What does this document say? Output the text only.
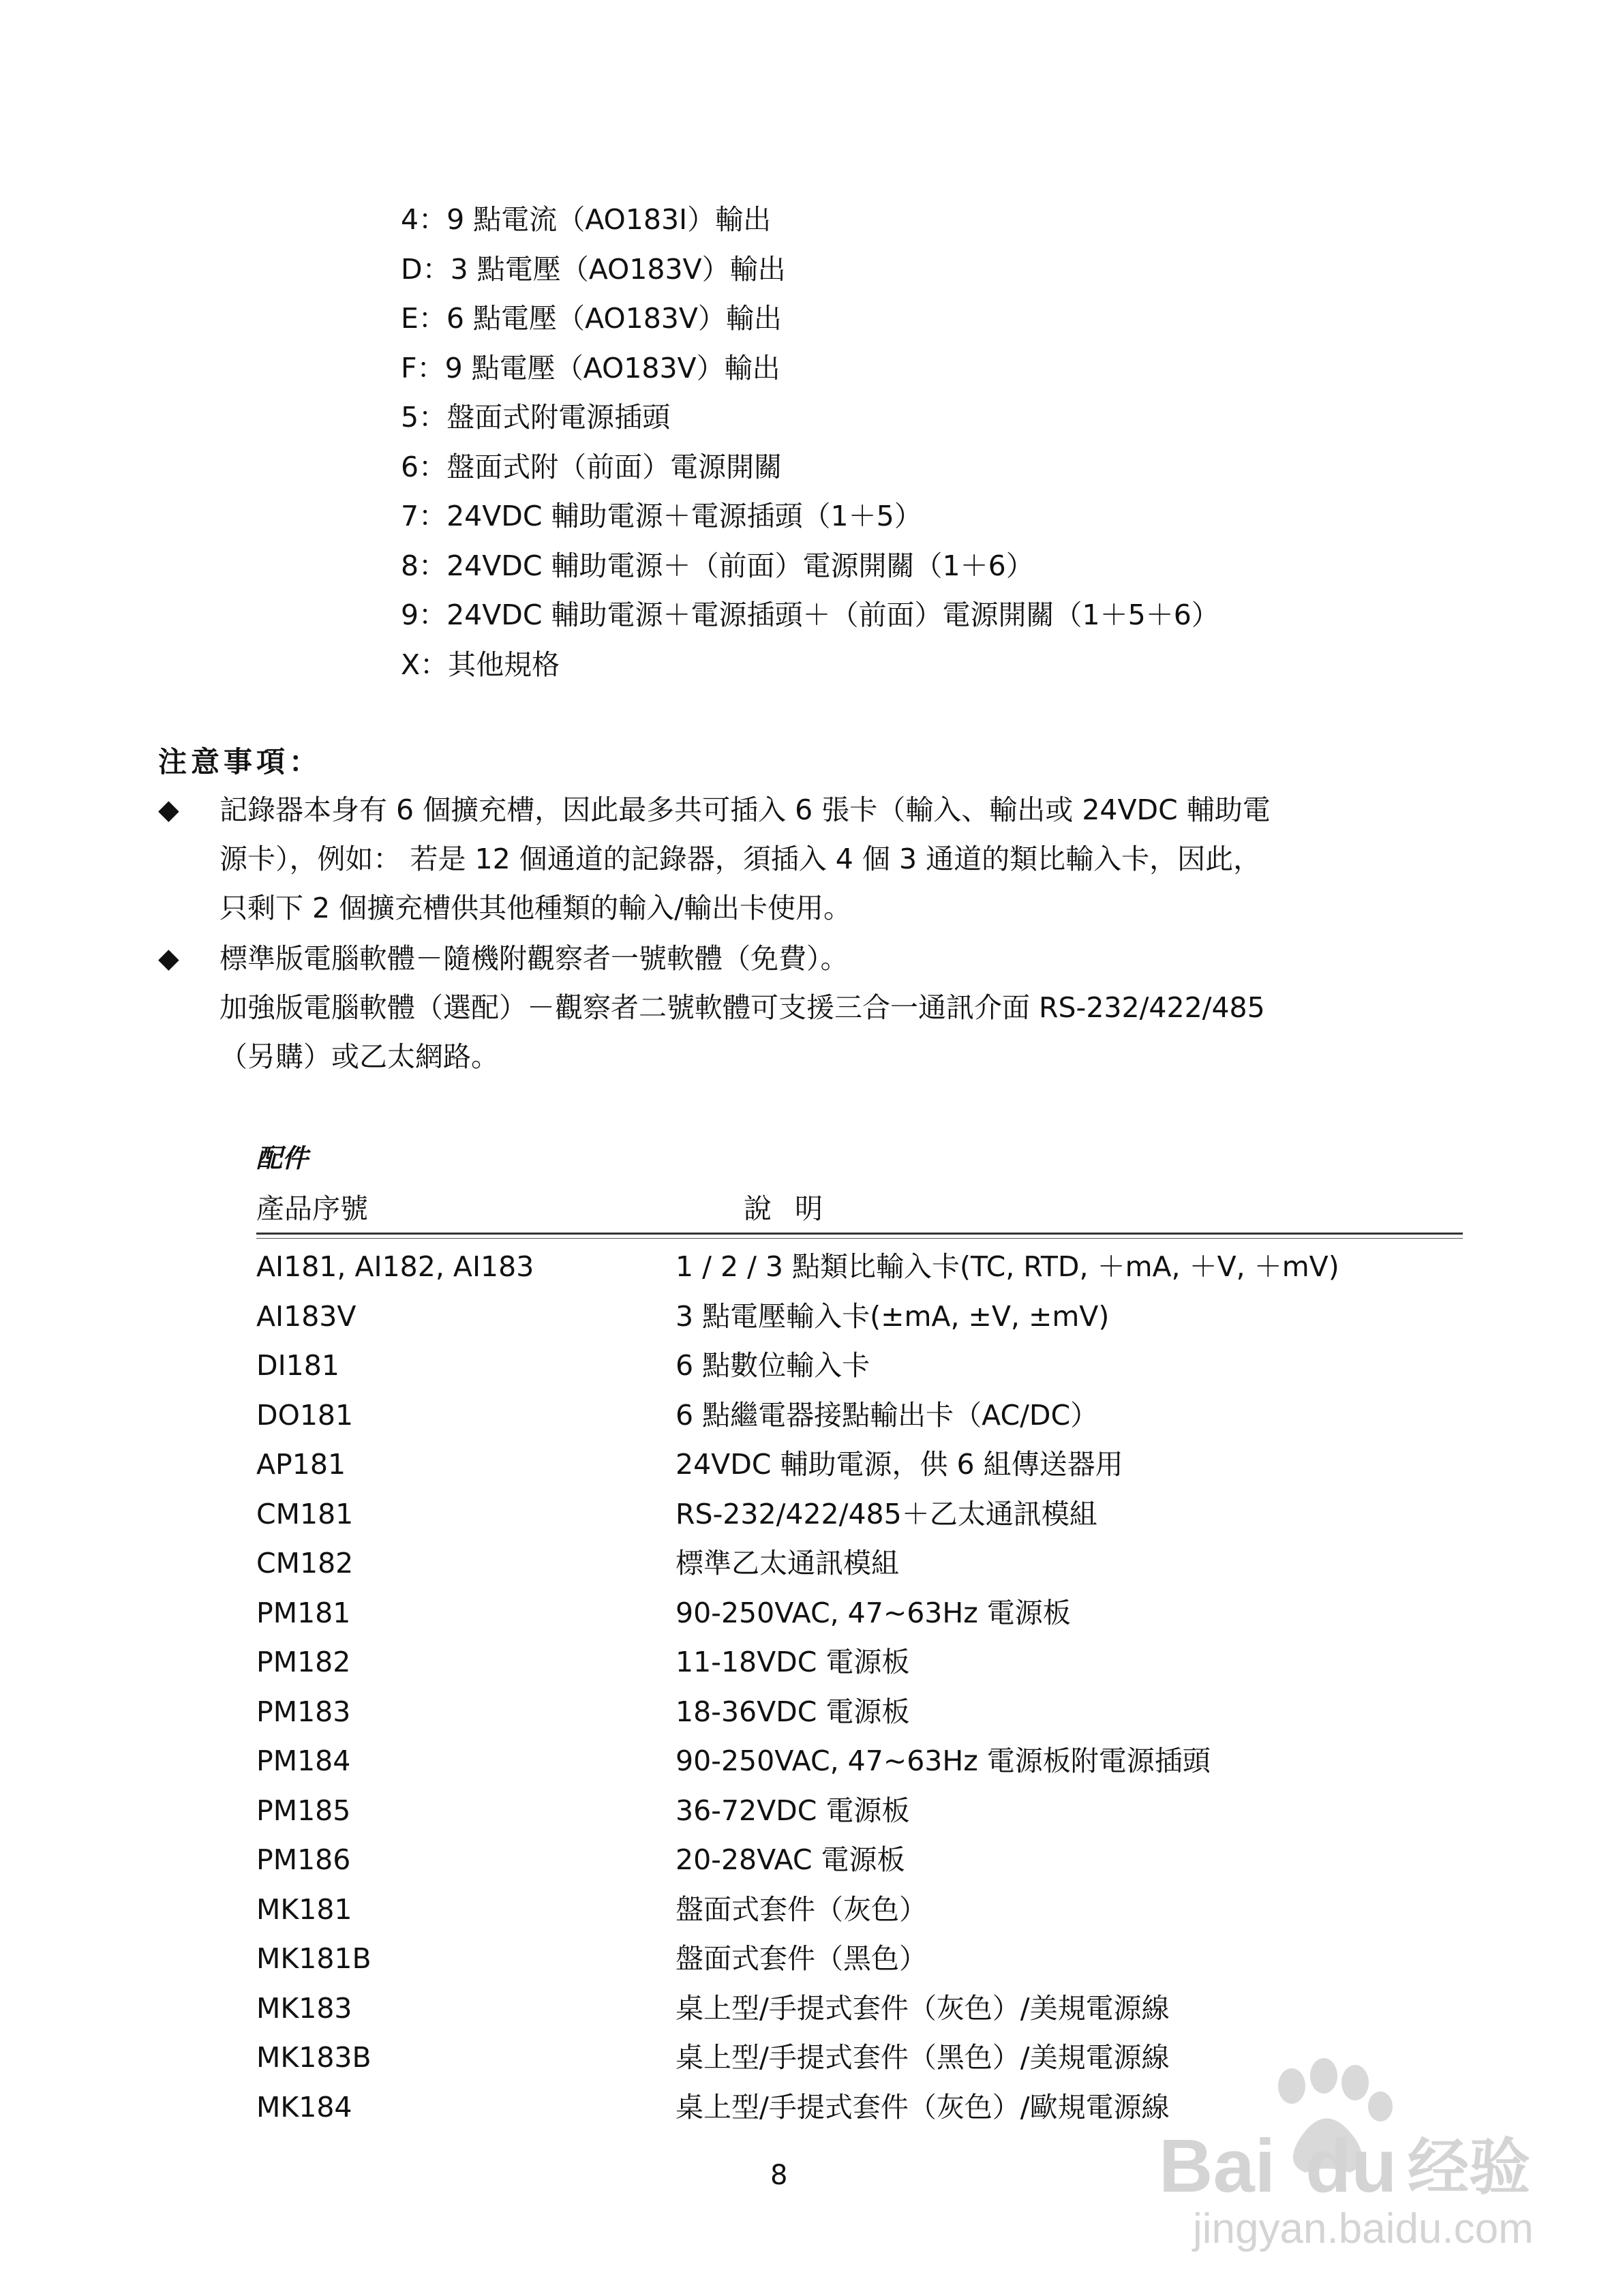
4：9 點電流（AO183I）輸出
D：3 點電壓（AO183V）輸出
E：6 點電壓（AO183V）輸出
F：9 點電壓（AO183V）輸出
5：盤面式附電源插頭
6：盤面式附（前面）電源開關
7：24VDC 輔助電源＋電源插頭（1＋5）
8：24VDC 輔助電源＋（前面）電源開關（1＋6）
9：24VDC 輔助電源＋電源插頭＋（前面）電源開關（1＋5＋6）
X：其他規格
注意事項：
◆	記錄器本身有 6 個擴充槽，因此最多共可插入 6 張卡（輸入、輸出或 24VDC 輔助電
源卡），例如： 若是 12 個通道的記錄器，須插入 4 個 3 通道的類比輸入卡，因此，
只剩下 2 個擴充槽供其他種類的輸入/輸出卡使用。
◆	標準版電腦軟體－隨機附觀察者一號軟體（免費）。
加強版電腦軟體（選配）－觀察者二號軟體可支援三合一通訊介面 RS-232/422/485
（另購）或乙太網路。
配件
產品序號	說明
AI181, AI182, AI183	1 / 2 / 3 點類比輸入卡(TC, RTD, ＋mA, ＋V, ＋mV)
AI183V	3 點電壓輸入卡(±mA, ±V, ±mV)
DI181	6 點數位輸入卡
DO181	6 點繼電器接點輸出卡（AC/DC）
AP181	24VDC 輔助電源，供 6 組傳送器用
CM181	RS-232/422/485＋乙太通訊模組
CM182	標準乙太通訊模組
PM181	90-250VAC, 47~63Hz 電源板
PM182	11-18VDC 電源板
PM183	18-36VDC 電源板
PM184	90-250VAC, 47~63Hz 電源板附電源插頭
PM185	36-72VDC 電源板
PM186	20-28VAC 電源板
MK181	盤面式套件（灰色）
MK181B	盤面式套件（黑色）
MK183	桌上型/手提式套件（灰色）/美規電源線
MK183B	桌上型/手提式套件（黑色）/美規電源線
MK184	桌上型/手提式套件（灰色）/歐規電源線
8	Bai du 经验
jingyan.baidu.com
